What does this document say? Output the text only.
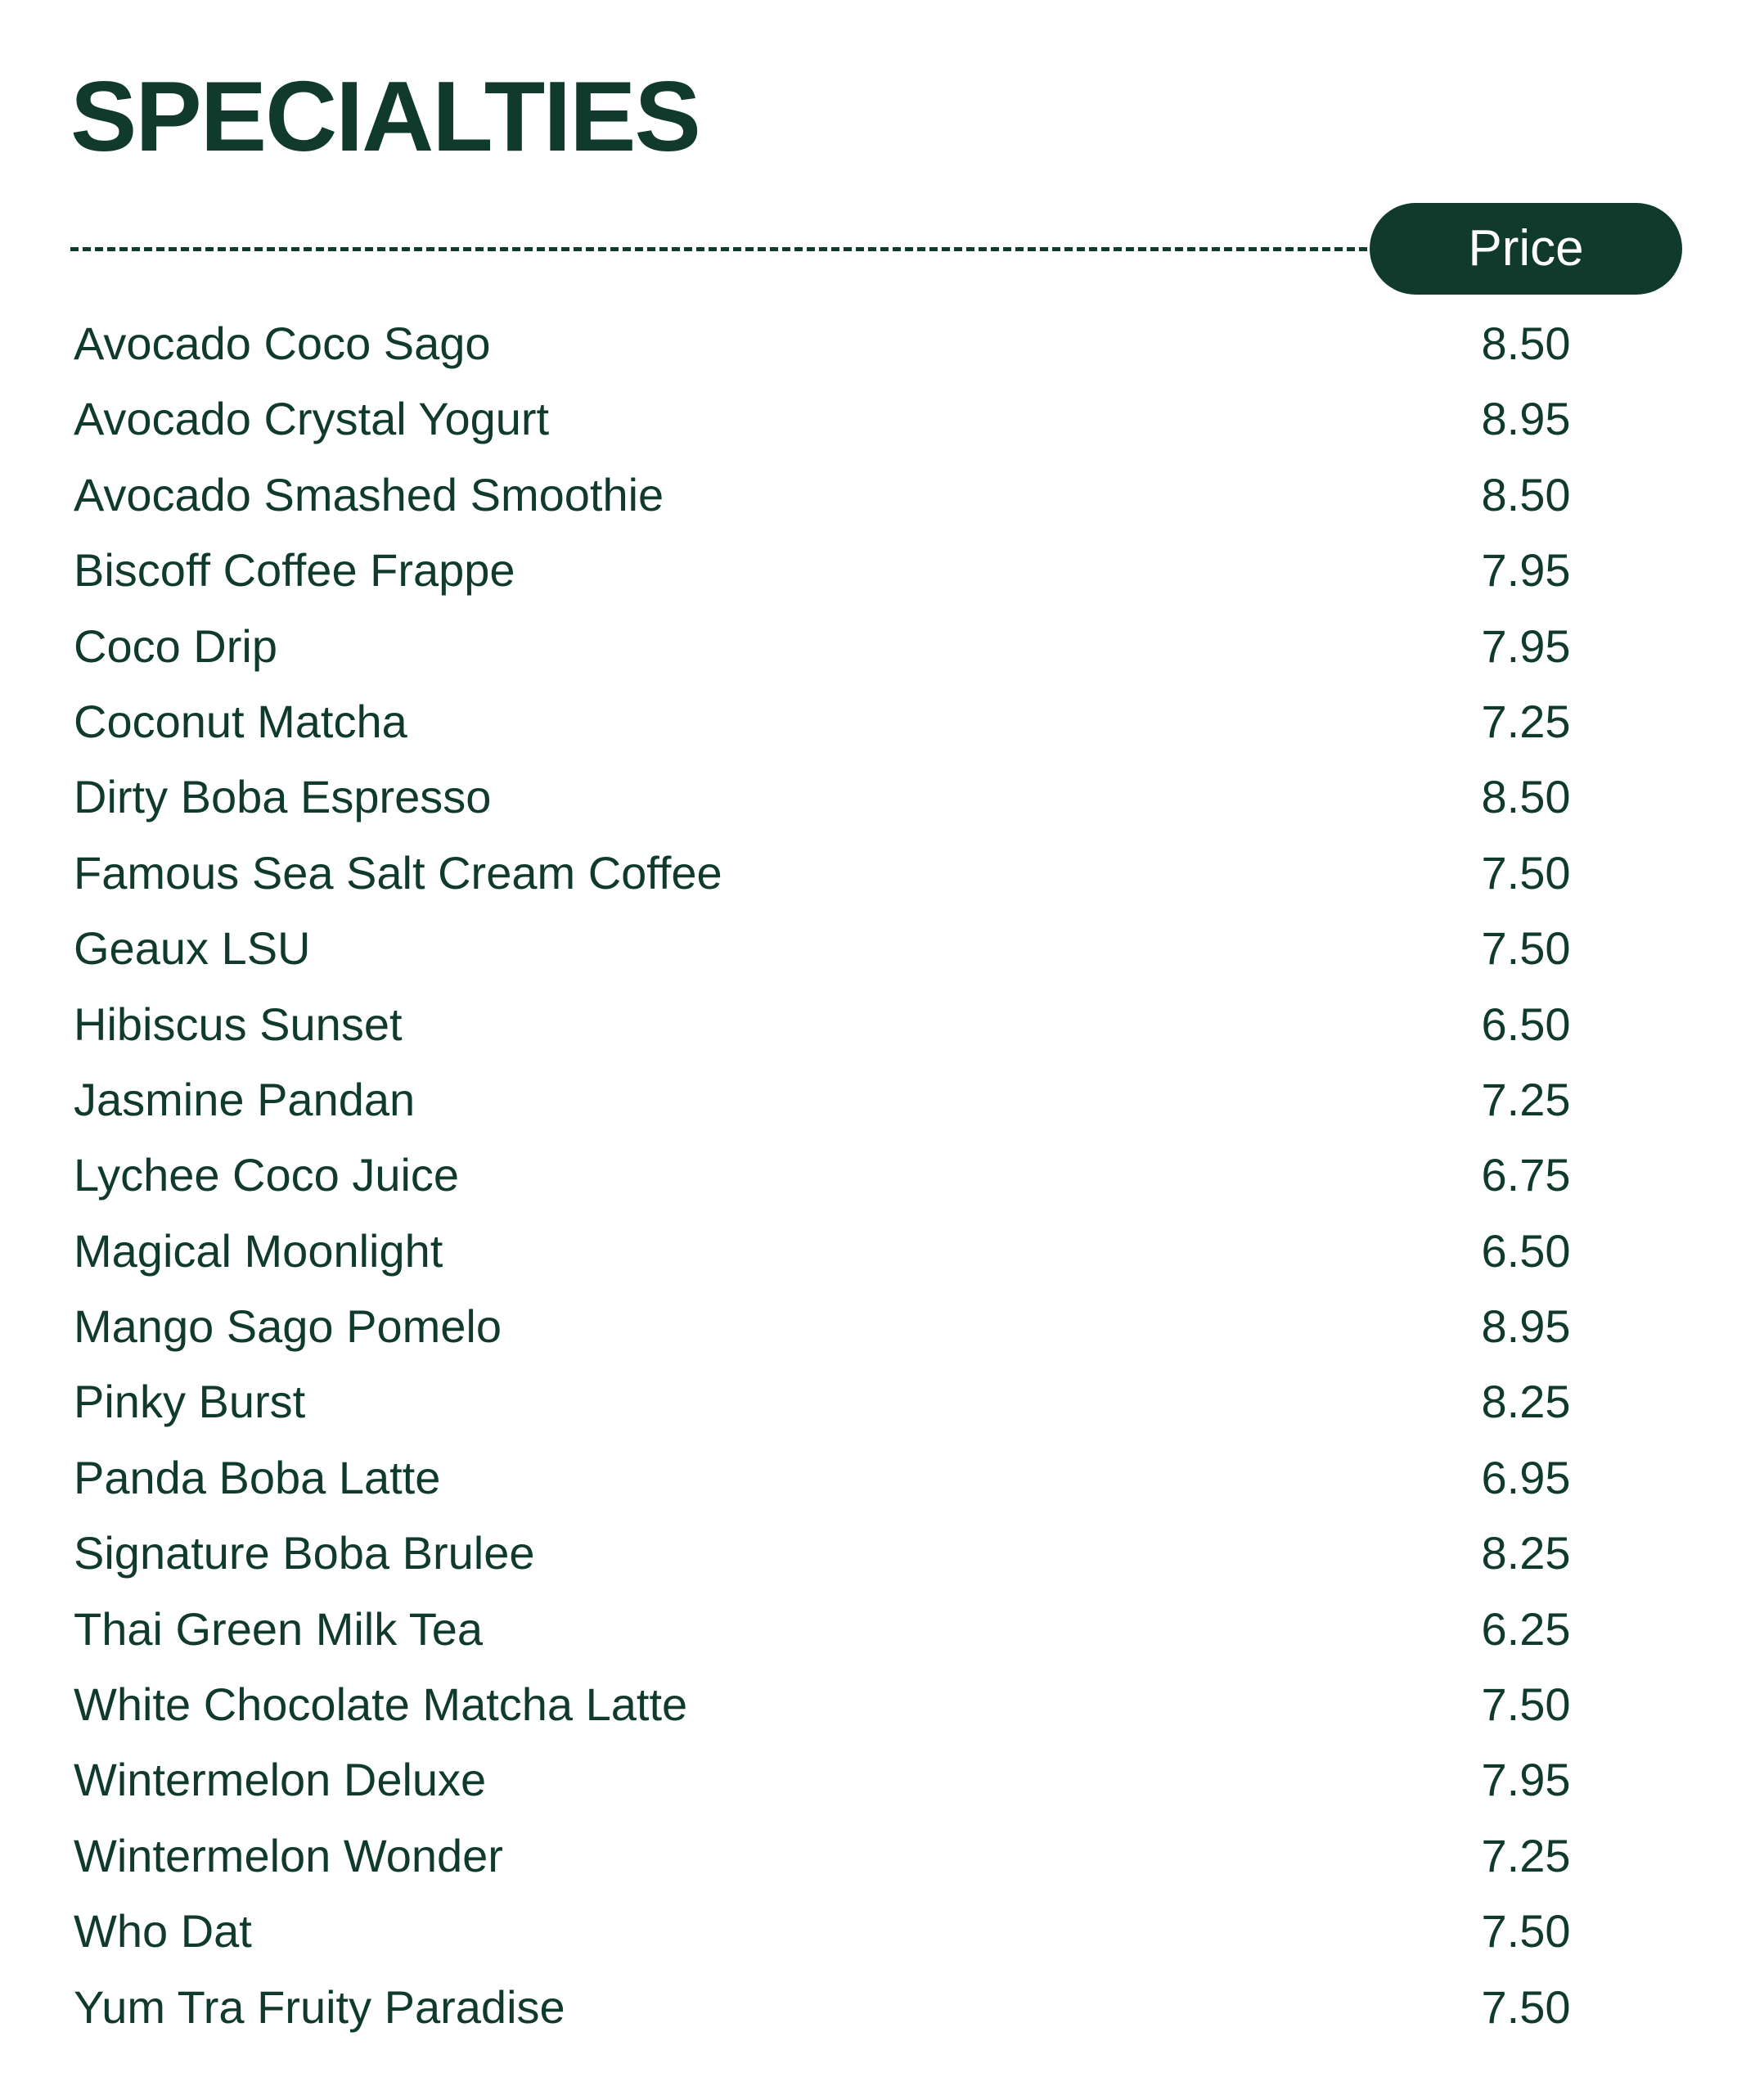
SPECIALTIES
Price
Avocado Coco Sago	8.50
Avocado Crystal Yogurt	8.95
Avocado Smashed Smoothie	8.50
Biscoff Coffee Frappe	7.95
Coco Drip	7.95
Coconut Matcha	7.25
Dirty Boba Espresso	8.50
Famous Sea Salt Cream Coffee	7.50
Geaux LSU	7.50
Hibiscus Sunset	6.50
Jasmine Pandan	7.25
Lychee Coco Juice	6.75
Magical Moonlight	6.50
Mango Sago Pomelo	8.95
Pinky Burst	8.25
Panda Boba Latte	6.95
Signature Boba Brulee	8.25
Thai Green Milk Tea	6.25
White Chocolate Matcha Latte	7.50
Wintermelon Deluxe	7.95
Wintermelon Wonder	7.25
Who Dat	7.50
Yum Tra Fruity Paradise	7.50
